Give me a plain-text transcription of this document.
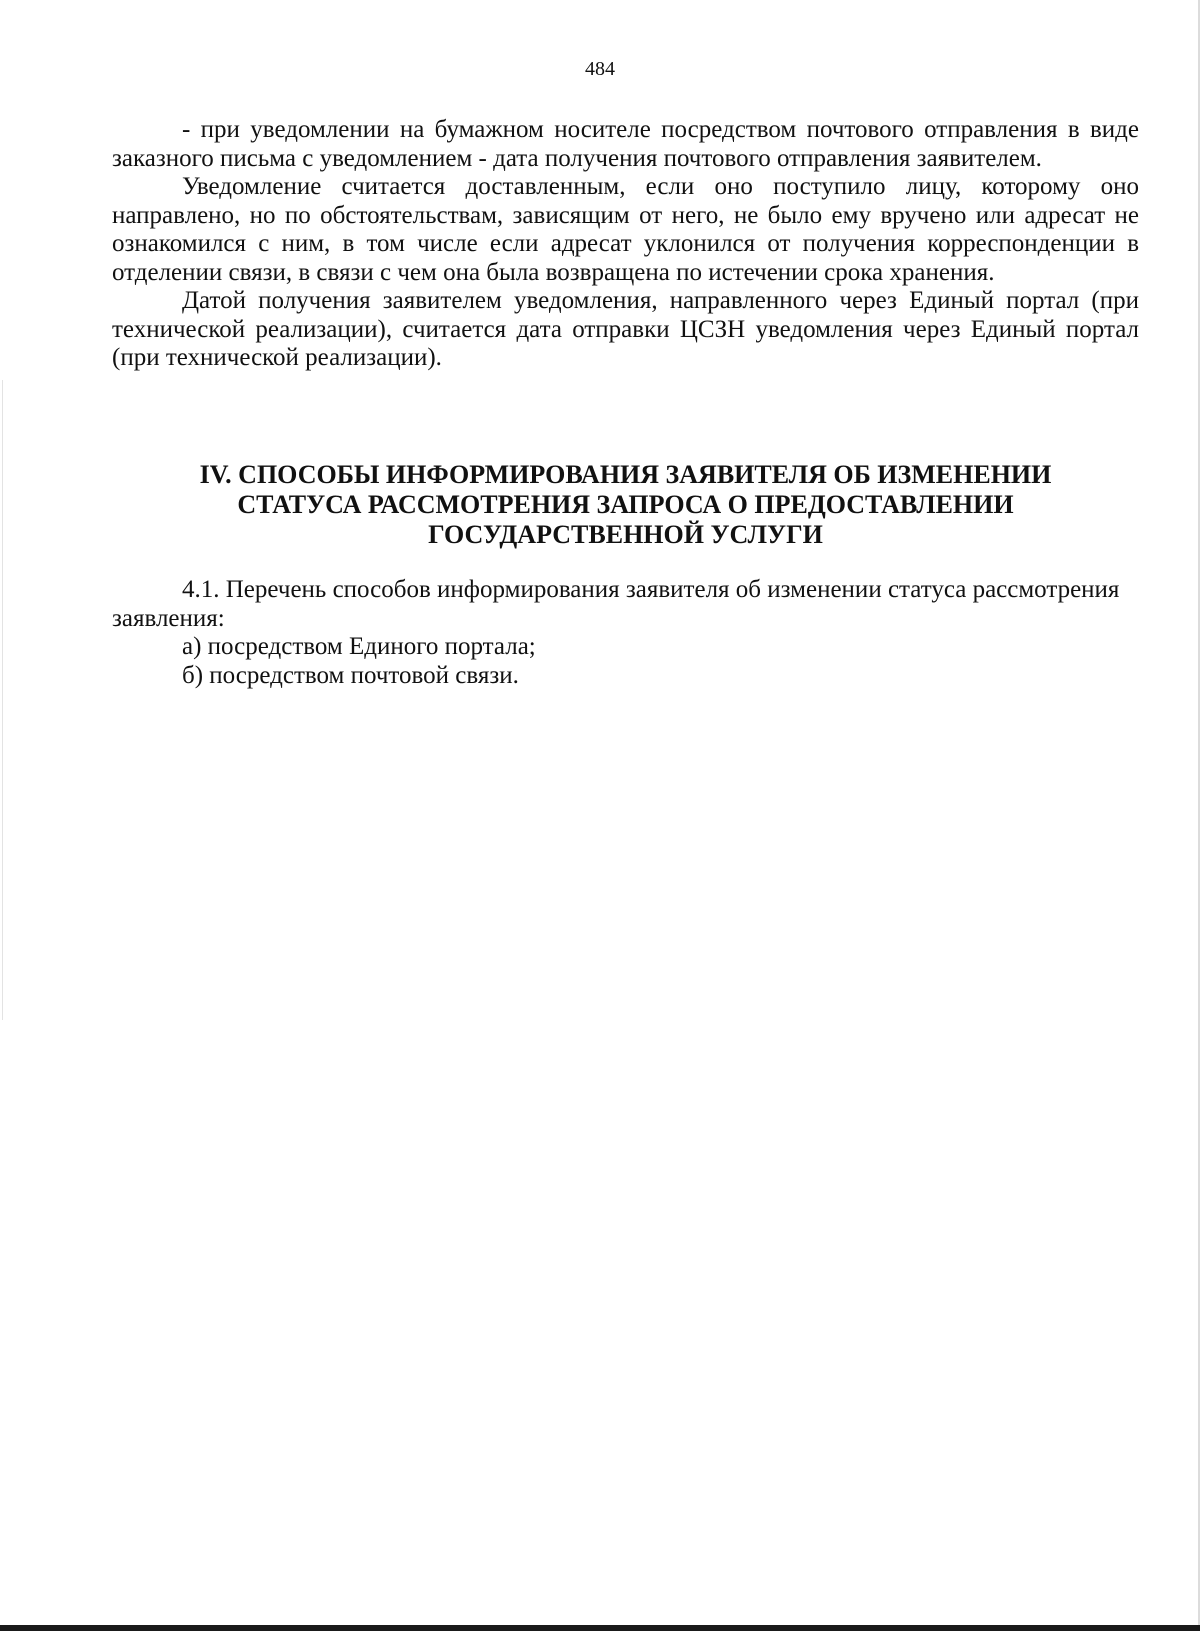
484

- при уведомлении на бумажном носителе посредством почтового отправления в виде заказного письма с уведомлением - дата получения почтового отправления заявителем.

Уведомление считается доставленным, если оно поступило лицу, которому оно направлено, но по обстоятельствам, зависящим от него, не было ему вручено или адресат не ознакомился с ним, в том числе если адресат уклонился от получения корреспонденции в отделении связи, в связи с чем она была возвращена по истечении срока хранения.

Датой получения заявителем уведомления, направленного через Единый портал (при технической реализации), считается дата отправки ЦСЗН уведомления через Единый портал (при технической реализации).

IV. СПОСОБЫ ИНФОРМИРОВАНИЯ ЗАЯВИТЕЛЯ ОБ ИЗМЕНЕНИИ
СТАТУСА РАССМОТРЕНИЯ ЗАПРОСА О ПРЕДОСТАВЛЕНИИ
ГОСУДАРСТВЕННОЙ УСЛУГИ

4.1. Перечень способов информирования заявителя об изменении статуса рассмотрения заявления:

а) посредством Единого портала;

б) посредством почтовой связи.
